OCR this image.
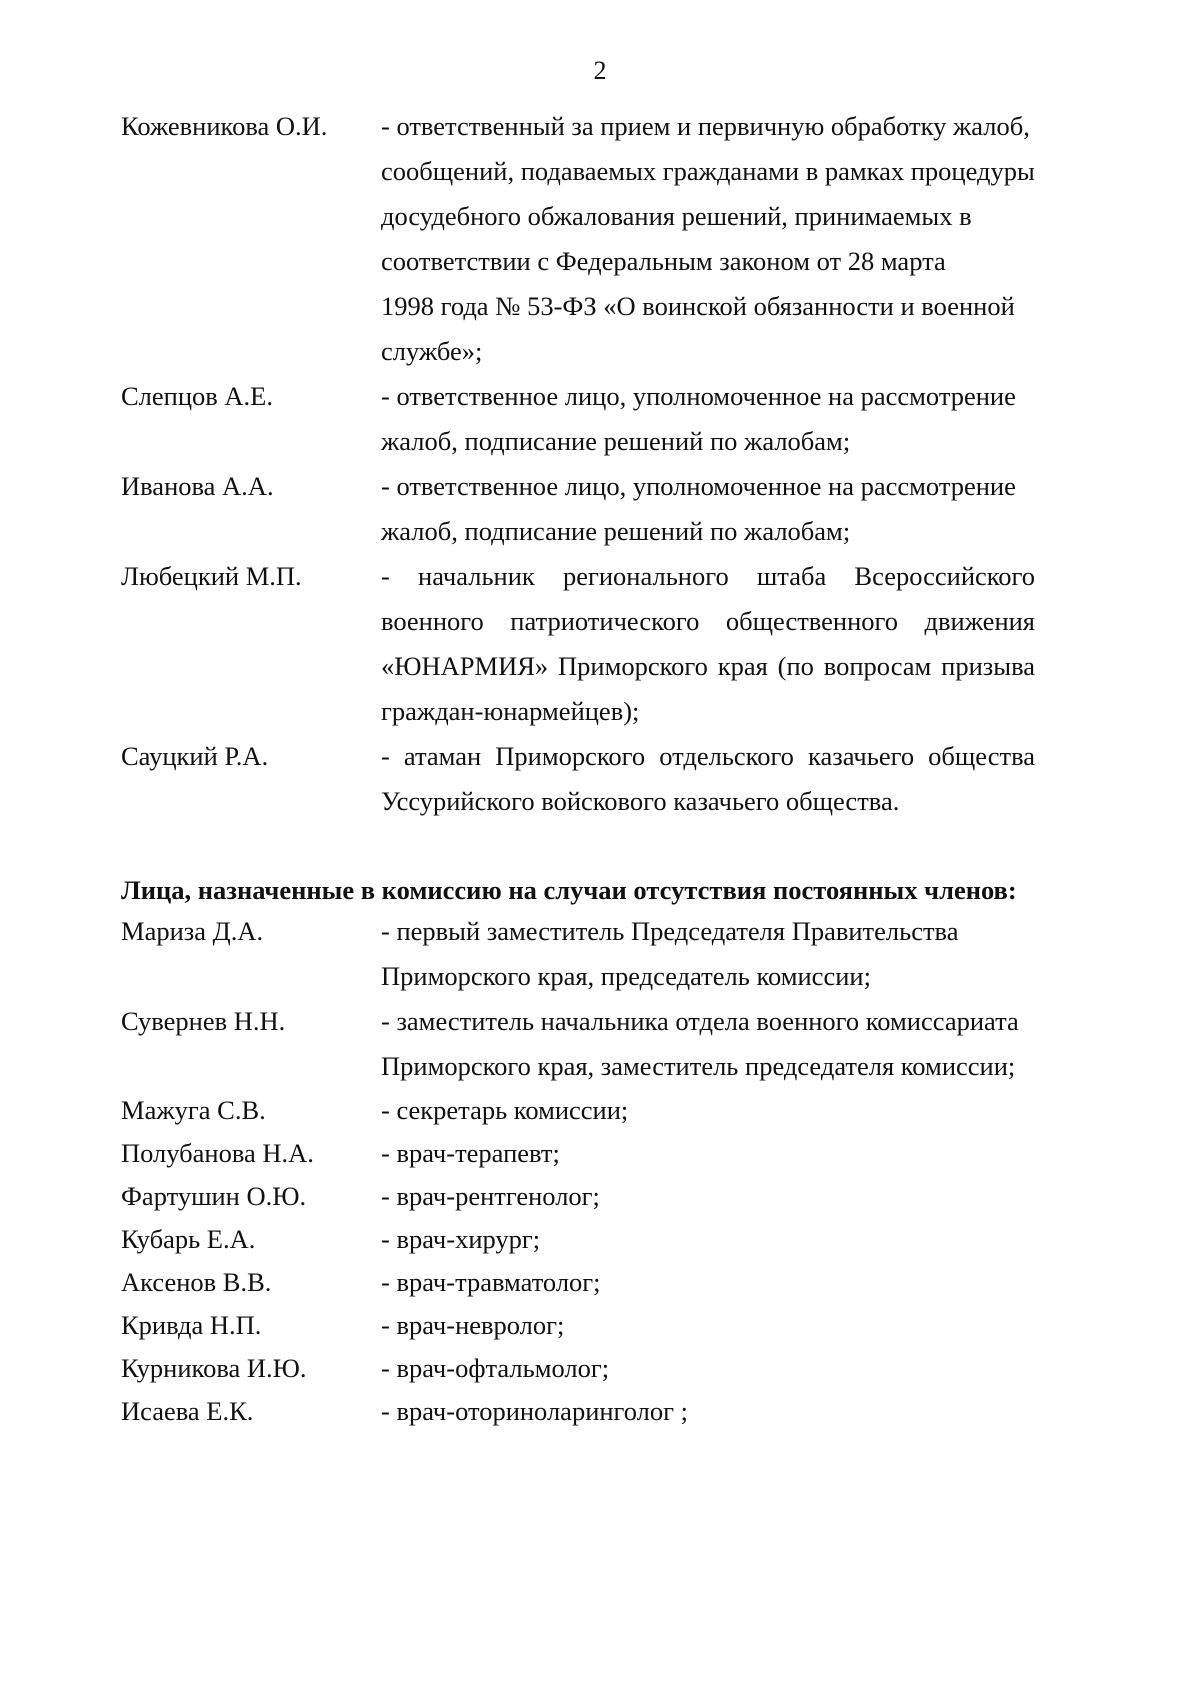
2
Кожевникова О.И.	- ответственный за прием и первичную обработку жалоб,
сообщений, подаваемых гражданами в рамках процедуры
досудебного обжалования решений, принимаемых в
соответствии с Федеральным законом от 28 марта
1998 года № 53-ФЗ «О воинской обязанности и военной
службе»;
Слепцов А.Е.	- ответственное лицо, уполномоченное на рассмотрение
жалоб, подписание решений по жалобам;
Иванова А.А.	- ответственное лицо, уполномоченное на рассмотрение
жалоб, подписание решений по жалобам;
Любецкий М.П.	- начальник регионального штаба Всероссийского
военного патриотического общественного движения
«ЮНАРМИЯ» Приморского края (по вопросам призыва
граждан-юнармейцев);
Сауцкий Р.А.	- атаман Приморского отдельского казачьего общества
Уссурийского войскового казачьего общества.
Лица, назначенные в комиссию на случаи отсутствия постоянных членов:
Мариза Д.А.	- первый заместитель Председателя Правительства
Приморского края, председатель комиссии;
Сувернев Н.Н.	- заместитель начальника отдела военного комиссариата
Приморского края, заместитель председателя комиссии;
Мажуга С.В.	- секретарь комиссии;
Полубанова Н.А.	- врач-терапевт;
Фартушин О.Ю.	- врач-рентгенолог;
Кубарь Е.А.	- врач-хирург;
Аксенов В.В.	- врач-травматолог;
Кривда Н.П.	- врач-невролог;
Курникова И.Ю.	- врач-офтальмолог;
Исаева Е.К.	- врач-оториноларинголог ;
